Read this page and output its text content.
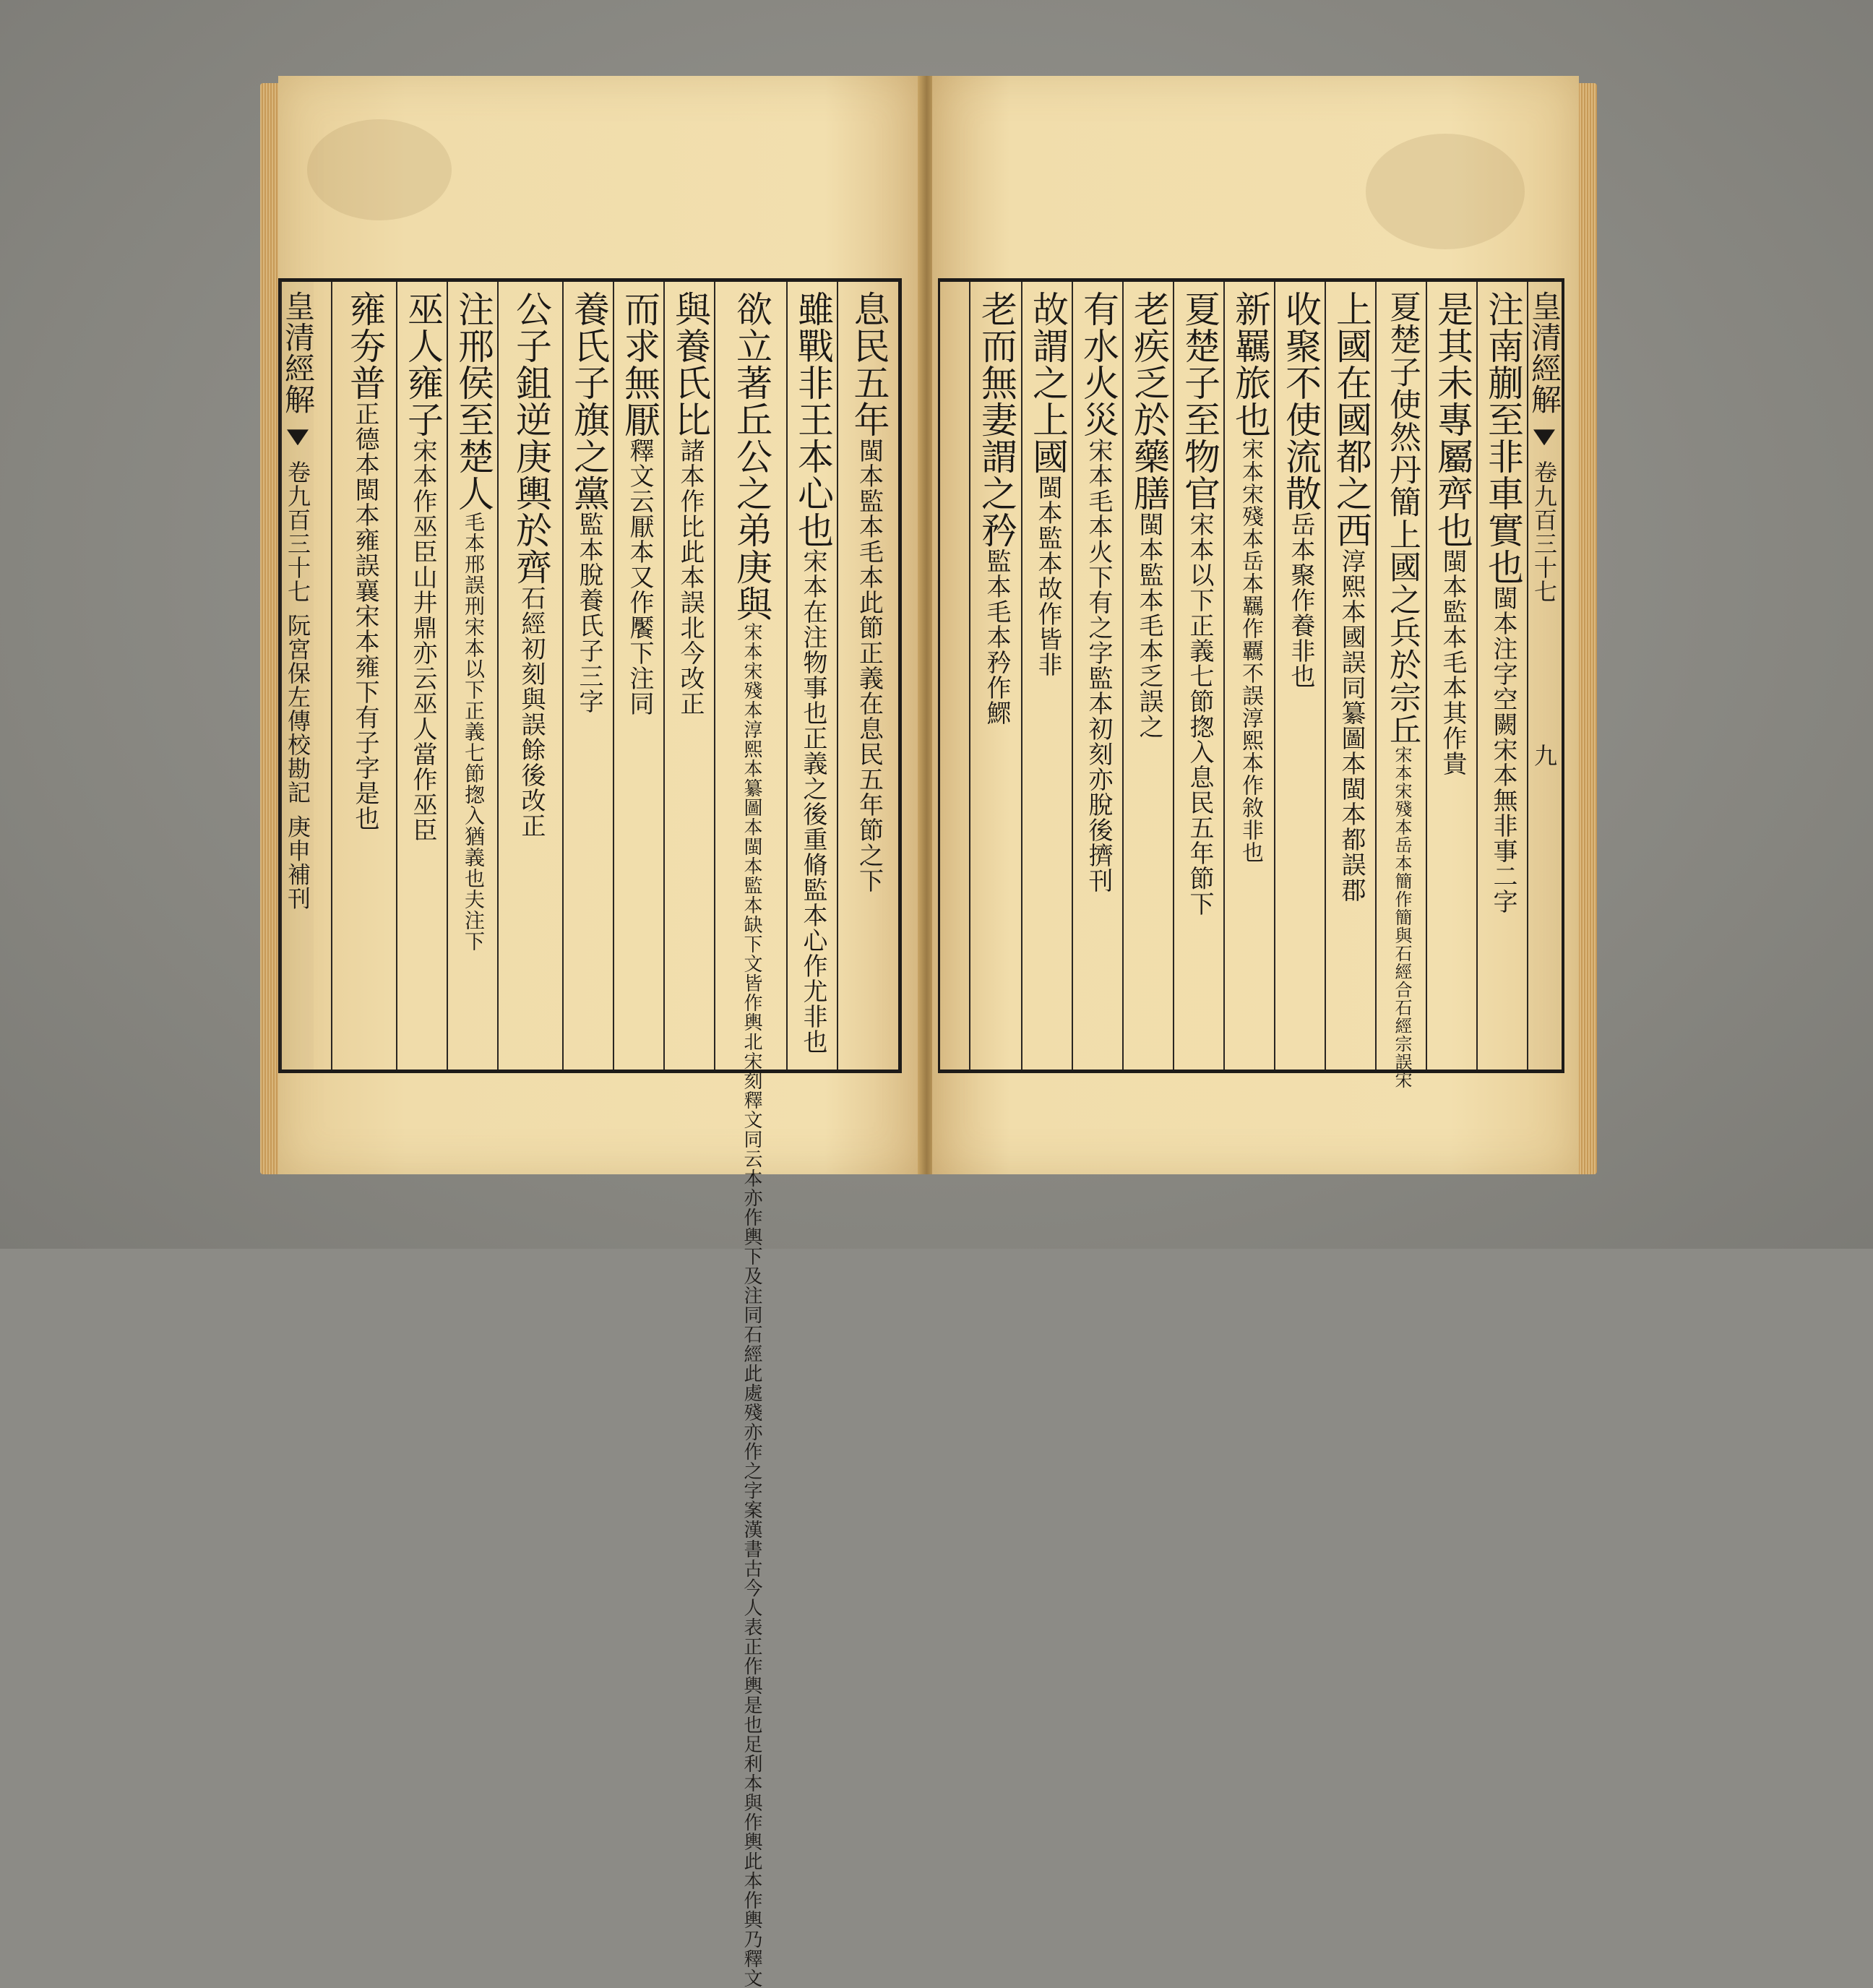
息民五年閩本監本毛本此節正義在息民五年節之下
雖戰非王本心也宋本在注物事也正義之後重脩監本心作尤非也
欲立著丘公之弟庚與宋本宋殘本淳熙本纂圖本閩本監本缺下文皆作輿北宋刻釋文同云本亦作輿下及注同石經此處殘亦作之字案漢書古今人表正作輿是也足利本與作輿此本作輿乃釋文
與養氏比諸本作比此本誤北今改正
而求無厭釋文云厭本又作饜下注同
養氏子旗之黨監本脫養氏子三字
公子鉏逆庚輿於齊石經初刻與誤餘後改正
注邢侯至楚人毛本邢誤刑宋本以下正義七節揔入猶義也夫注下
巫人雍子宋本作巫臣山井鼎亦云巫人當作巫臣
雍夯普正德本閩本雍誤襄宋本雍下有子字是也
皇清經解  卷九百三十七 阮宮保左傳校勘記 庚申補刊
皇清經解  卷九百三十七 九
注南蒯至非車實也閩本注字空闕宋本無非事二字
是其未專屬齊也閩本監本毛本其作貴
夏楚子使然丹簡上國之兵於宗丘宋本宋殘本岳本簡作簡與石經合石經宗誤宋
上國在國都之西淳熙本國誤同纂圖本閩本都誤郡
收聚不使流散岳本聚作養非也
新羈旅也宋本宋殘本岳本羈作覊不誤淳熙本作敘非也
夏楚子至物官宋本以下正義七節揔入息民五年節下
老疾乏於藥膳閩本監本毛本乏誤之
有水火災宋本毛本火下有之字監本初刻亦脫後擠刊
故謂之上國閩本監本故作皆非
老而無妻謂之矜監本毛本矜作鰥
